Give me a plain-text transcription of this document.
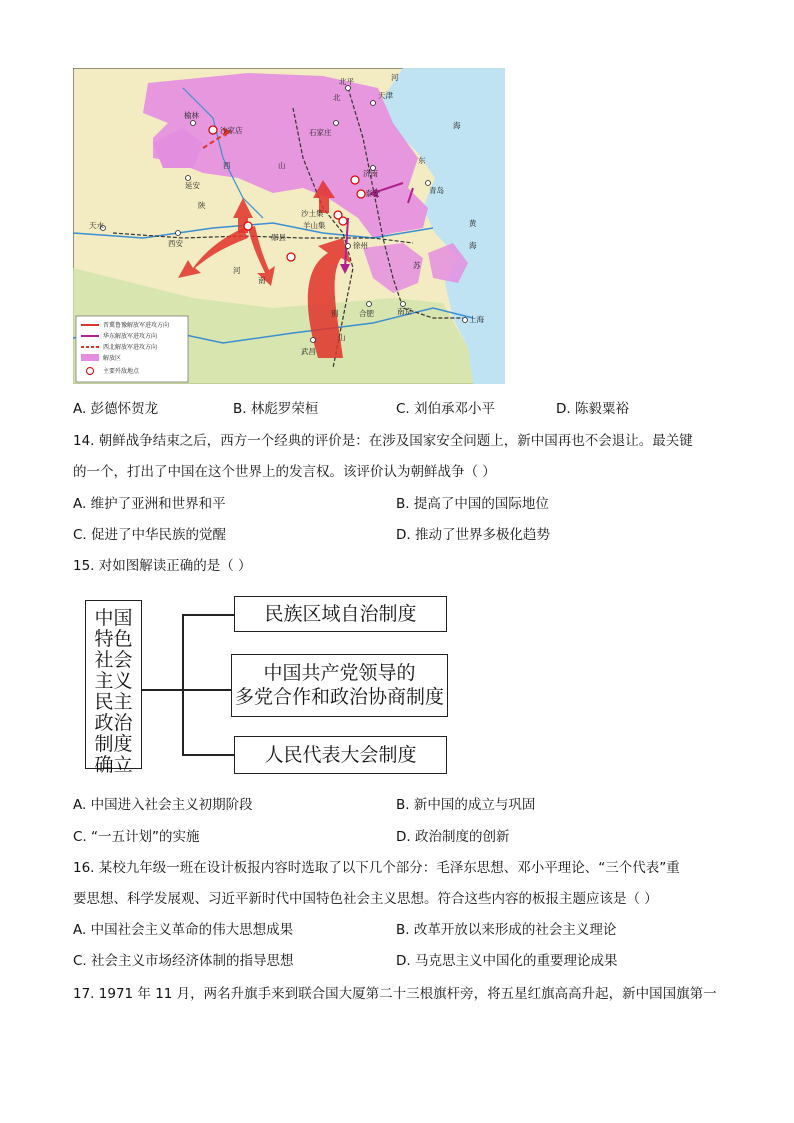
北平
天津
石家庄
榆林
沙家店
延安
济南
青岛
泰安
沙土集
羊山集
天水
西安
郧县
徐州
合肥	南京
上海
武昌
别
山
河
北
海
黄
海
西
陕
山
东
河
南
苏
晋冀鲁豫解放军进攻方向
华东解放军进攻方向
西北解放军进攻方向
解放区
主要歼敌地点
A. 彭德怀贺龙	B. 林彪罗荣桓	C. 刘伯承邓小平	D. 陈毅粟裕
14. 朝鲜战争结束之后，西方一个经典的评价是：在涉及国家安全问题上，新中国再也不会退让。最关键
的一个，打出了中国在这个世界上的发言权。该评价认为朝鲜战争（ ）
A. 维护了亚洲和世界和平	B. 提高了中国的国际地位
C. 促进了中华民族的觉醒	D. 推动了世界多极化趋势
15. 对如图解读正确的是（ ）
中国
特色
社会
主义
民主
政治
制度
确立
民族区域自治制度
中国共产党领导的
多党合作和政治协商制度
人民代表大会制度
A. 中国进入社会主义初期阶段	B. 新中国的成立与巩固
C. “一五计划”的实施	D. 政治制度的创新
16. 某校九年级一班在设计板报内容时选取了以下几个部分：毛泽东思想、邓小平理论、“三个代表”重
要思想、科学发展观、习近平新时代中国特色社会主义思想。符合这些内容的板报主题应该是（ ）
A. 中国社会主义革命的伟大思想成果	B. 改革开放以来形成的社会主义理论
C. 社会主义市场经济体制的指导思想	D. 马克思主义中国化的重要理论成果
17. 1971 年 11 月，两名升旗手来到联合国大厦第二十三根旗杆旁，将五星红旗高高升起，新中国国旗第一
